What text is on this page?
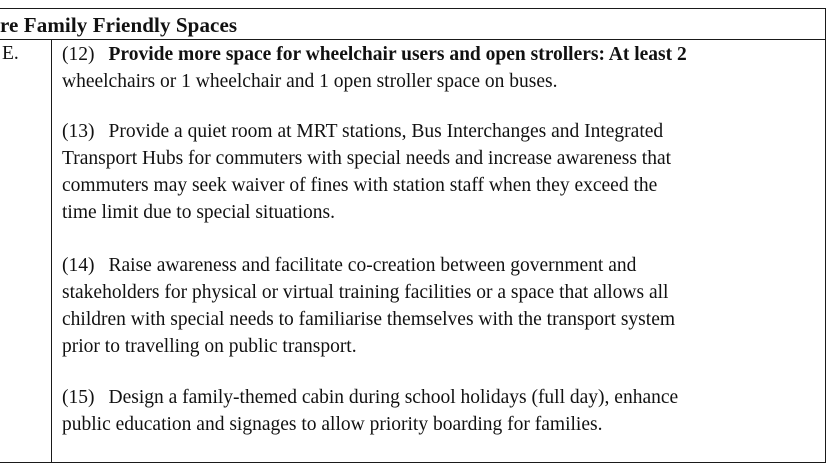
re Family Friendly Spaces
E. (12) Provide more space for wheelchair users and open strollers: At least 2
wheelchairs or 1 wheelchair and 1 open stroller space on buses.
(13) Provide a quiet room at MRT stations, Bus Interchanges and Integrated
Transport Hubs for commuters with special needs and increase awareness that
commuters may seek waiver of fines with station staff when they exceed the
time limit due to special situations.
(14) Raise awareness and facilitate co-creation between government and
stakeholders for physical or virtual training facilities or a space that allows all
children with special needs to familiarise themselves with the transport system
prior to travelling on public transport.
(15) Design a family-themed cabin during school holidays (full day), enhance
public education and signages to allow priority boarding for families.
